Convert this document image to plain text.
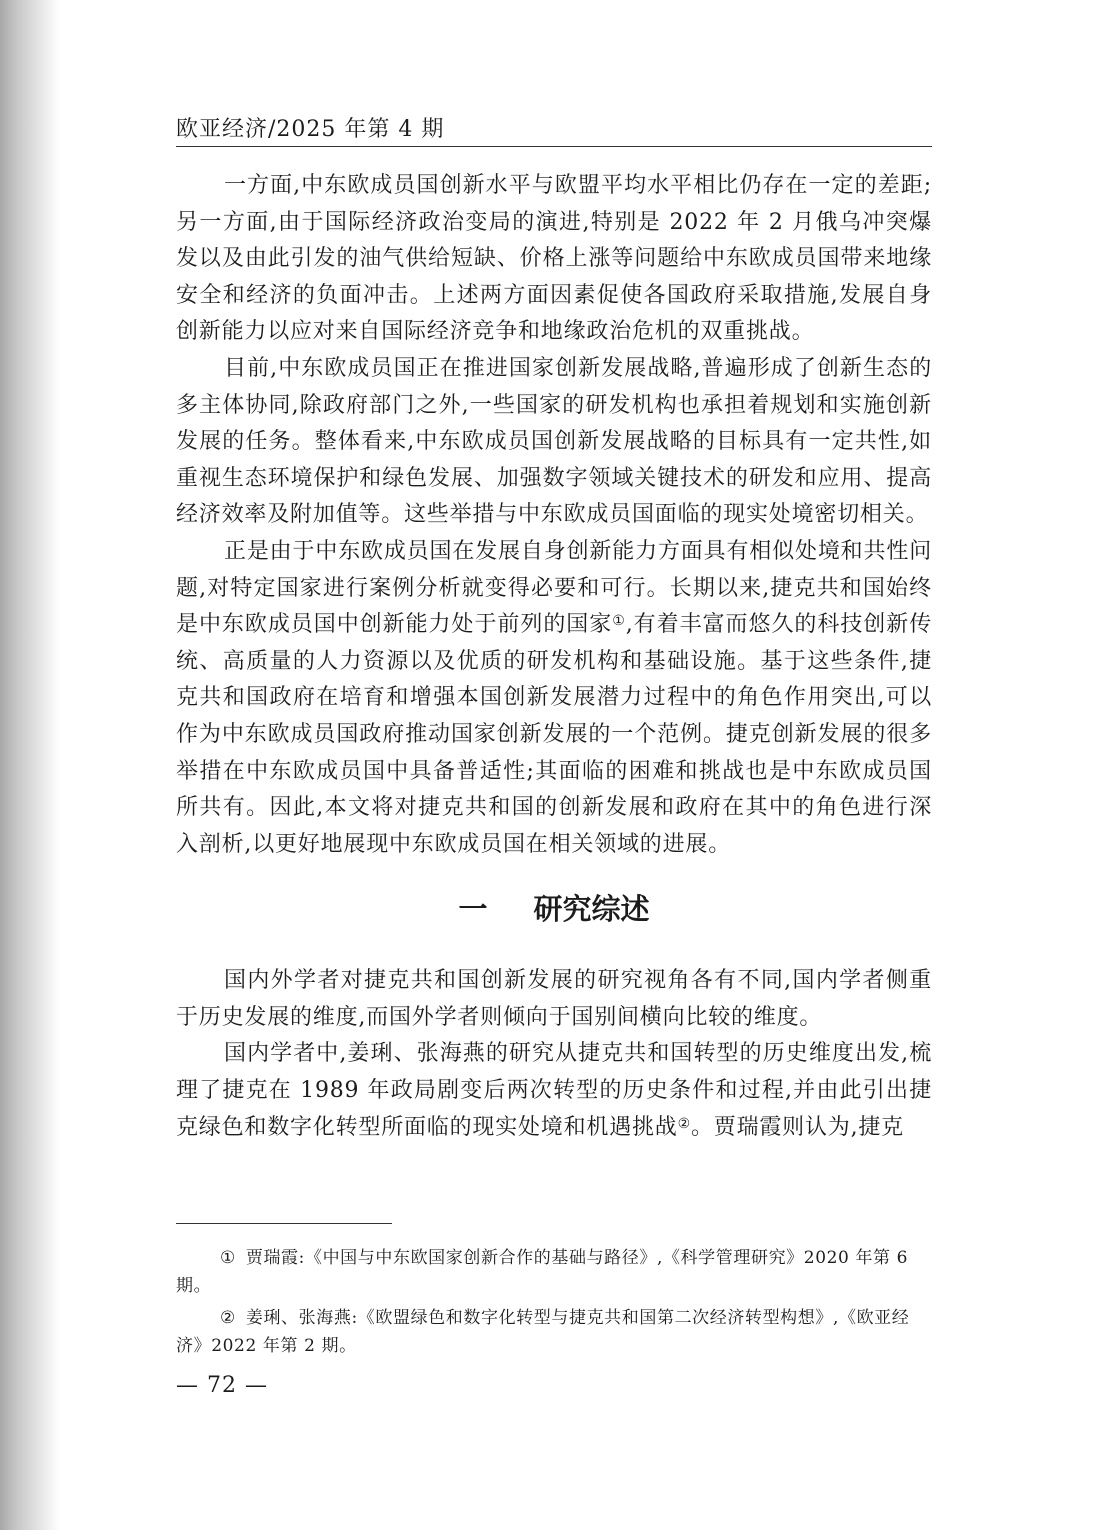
欧亚经济/2025 年第 4 期

一方面,中东欧成员国创新水平与欧盟平均水平相比仍存在一定的差距;另一方面,由于国际经济政治变局的演进,特别是 2022 年 2 月俄乌冲突爆发以及由此引发的油气供给短缺、价格上涨等问题给中东欧成员国带来地缘安全和经济的负面冲击。上述两方面因素促使各国政府采取措施,发展自身创新能力以应对来自国际经济竞争和地缘政治危机的双重挑战。

目前,中东欧成员国正在推进国家创新发展战略,普遍形成了创新生态的多主体协同,除政府部门之外,一些国家的研发机构也承担着规划和实施创新发展的任务。整体看来,中东欧成员国创新发展战略的目标具有一定共性,如重视生态环境保护和绿色发展、加强数字领域关键技术的研发和应用、提高经济效率及附加值等。这些举措与中东欧成员国面临的现实处境密切相关。

正是由于中东欧成员国在发展自身创新能力方面具有相似处境和共性问题,对特定国家进行案例分析就变得必要和可行。长期以来,捷克共和国始终是中东欧成员国中创新能力处于前列的国家①,有着丰富而悠久的科技创新传统、高质量的人力资源以及优质的研发机构和基础设施。基于这些条件,捷克共和国政府在培育和增强本国创新发展潜力过程中的角色作用突出,可以作为中东欧成员国政府推动国家创新发展的一个范例。捷克创新发展的很多举措在中东欧成员国中具备普适性;其面临的困难和挑战也是中东欧成员国所共有。因此,本文将对捷克共和国的创新发展和政府在其中的角色进行深入剖析,以更好地展现中东欧成员国在相关领域的进展。

一 研究综述

国内外学者对捷克共和国创新发展的研究视角各有不同,国内学者侧重于历史发展的维度,而国外学者则倾向于国别间横向比较的维度。

国内学者中,姜琍、张海燕的研究从捷克共和国转型的历史维度出发,梳理了捷克在 1989 年政局剧变后两次转型的历史条件和过程,并由此引出捷克绿色和数字化转型所面临的现实处境和机遇挑战②。贾瑞霞则认为,捷克

① 贾瑞霞:《中国与中东欧国家创新合作的基础与路径》,《科学管理研究》2020 年第 6 期。

② 姜琍、张海燕:《欧盟绿色和数字化转型与捷克共和国第二次经济转型构想》,《欧亚经济》2022 年第 2 期。

— 72 —
